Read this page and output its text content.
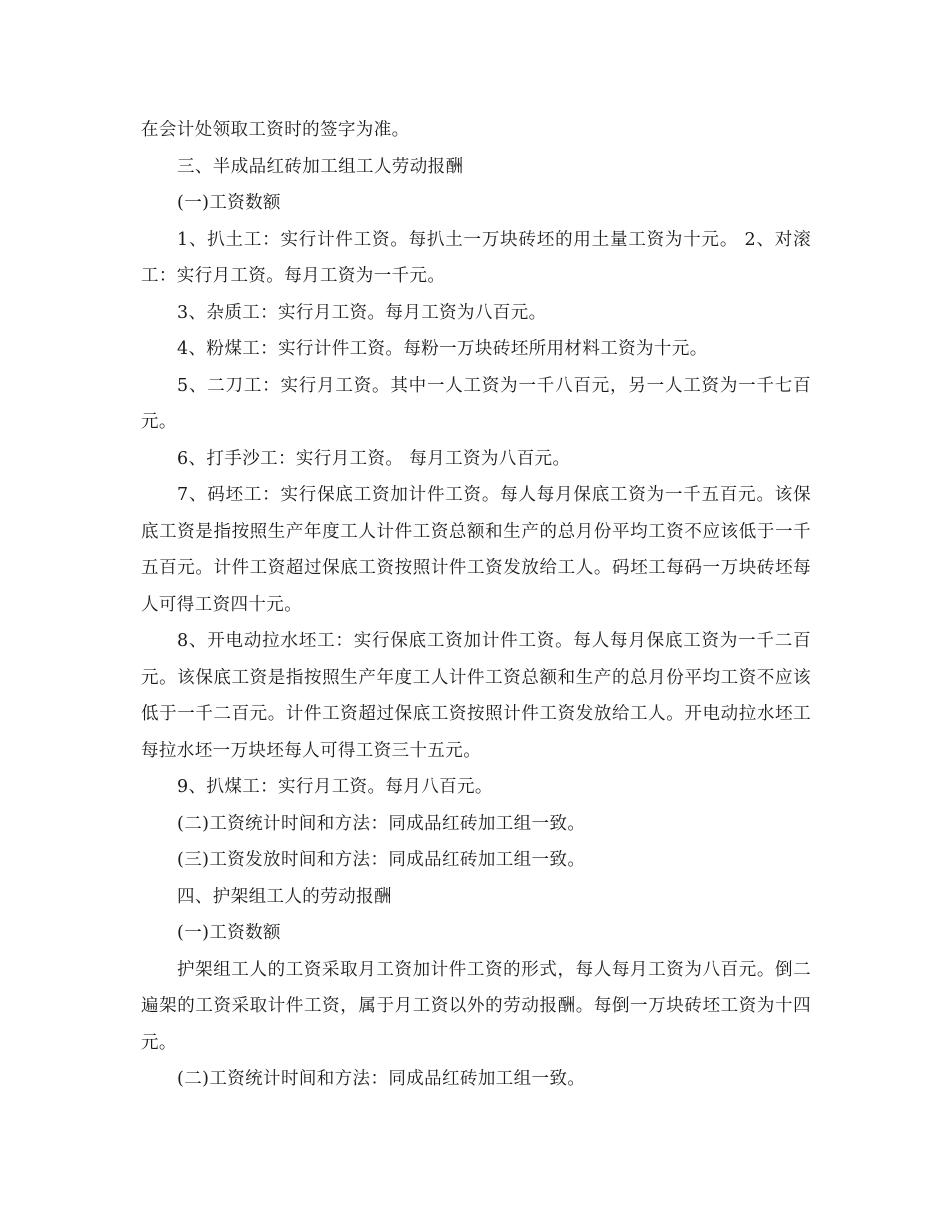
在会计处领取工资时的签字为准。

三、半成品红砖加工组工人劳动报酬

(一)工资数额

1、扒土工：实行计件工资。每扒土一万块砖坯的用土量工资为十元。 2、对滚工：实行月工资。每月工资为一千元。

3、杂质工：实行月工资。每月工资为八百元。

4、粉煤工：实行计件工资。每粉一万块砖坯所用材料工资为十元。

5、二刀工：实行月工资。其中一人工资为一千八百元，另一人工资为一千七百元。

6、打手沙工：实行月工资。 每月工资为八百元。

7、码坯工：实行保底工资加计件工资。每人每月保底工资为一千五百元。该保底工资是指按照生产年度工人计件工资总额和生产的总月份平均工资不应该低于一千五百元。计件工资超过保底工资按照计件工资发放给工人。码坯工每码一万块砖坯每人可得工资四十元。

8、开电动拉水坯工：实行保底工资加计件工资。每人每月保底工资为一千二百元。该保底工资是指按照生产年度工人计件工资总额和生产的总月份平均工资不应该低于一千二百元。计件工资超过保底工资按照计件工资发放给工人。开电动拉水坯工每拉水坯一万块坯每人可得工资三十五元。

9、扒煤工：实行月工资。每月八百元。

(二)工资统计时间和方法：同成品红砖加工组一致。

(三)工资发放时间和方法：同成品红砖加工组一致。

四、护架组工人的劳动报酬

(一)工资数额

护架组工人的工资采取月工资加计件工资的形式，每人每月工资为八百元。倒二遍架的工资采取计件工资，属于月工资以外的劳动报酬。每倒一万块砖坯工资为十四元。

(二)工资统计时间和方法：同成品红砖加工组一致。
